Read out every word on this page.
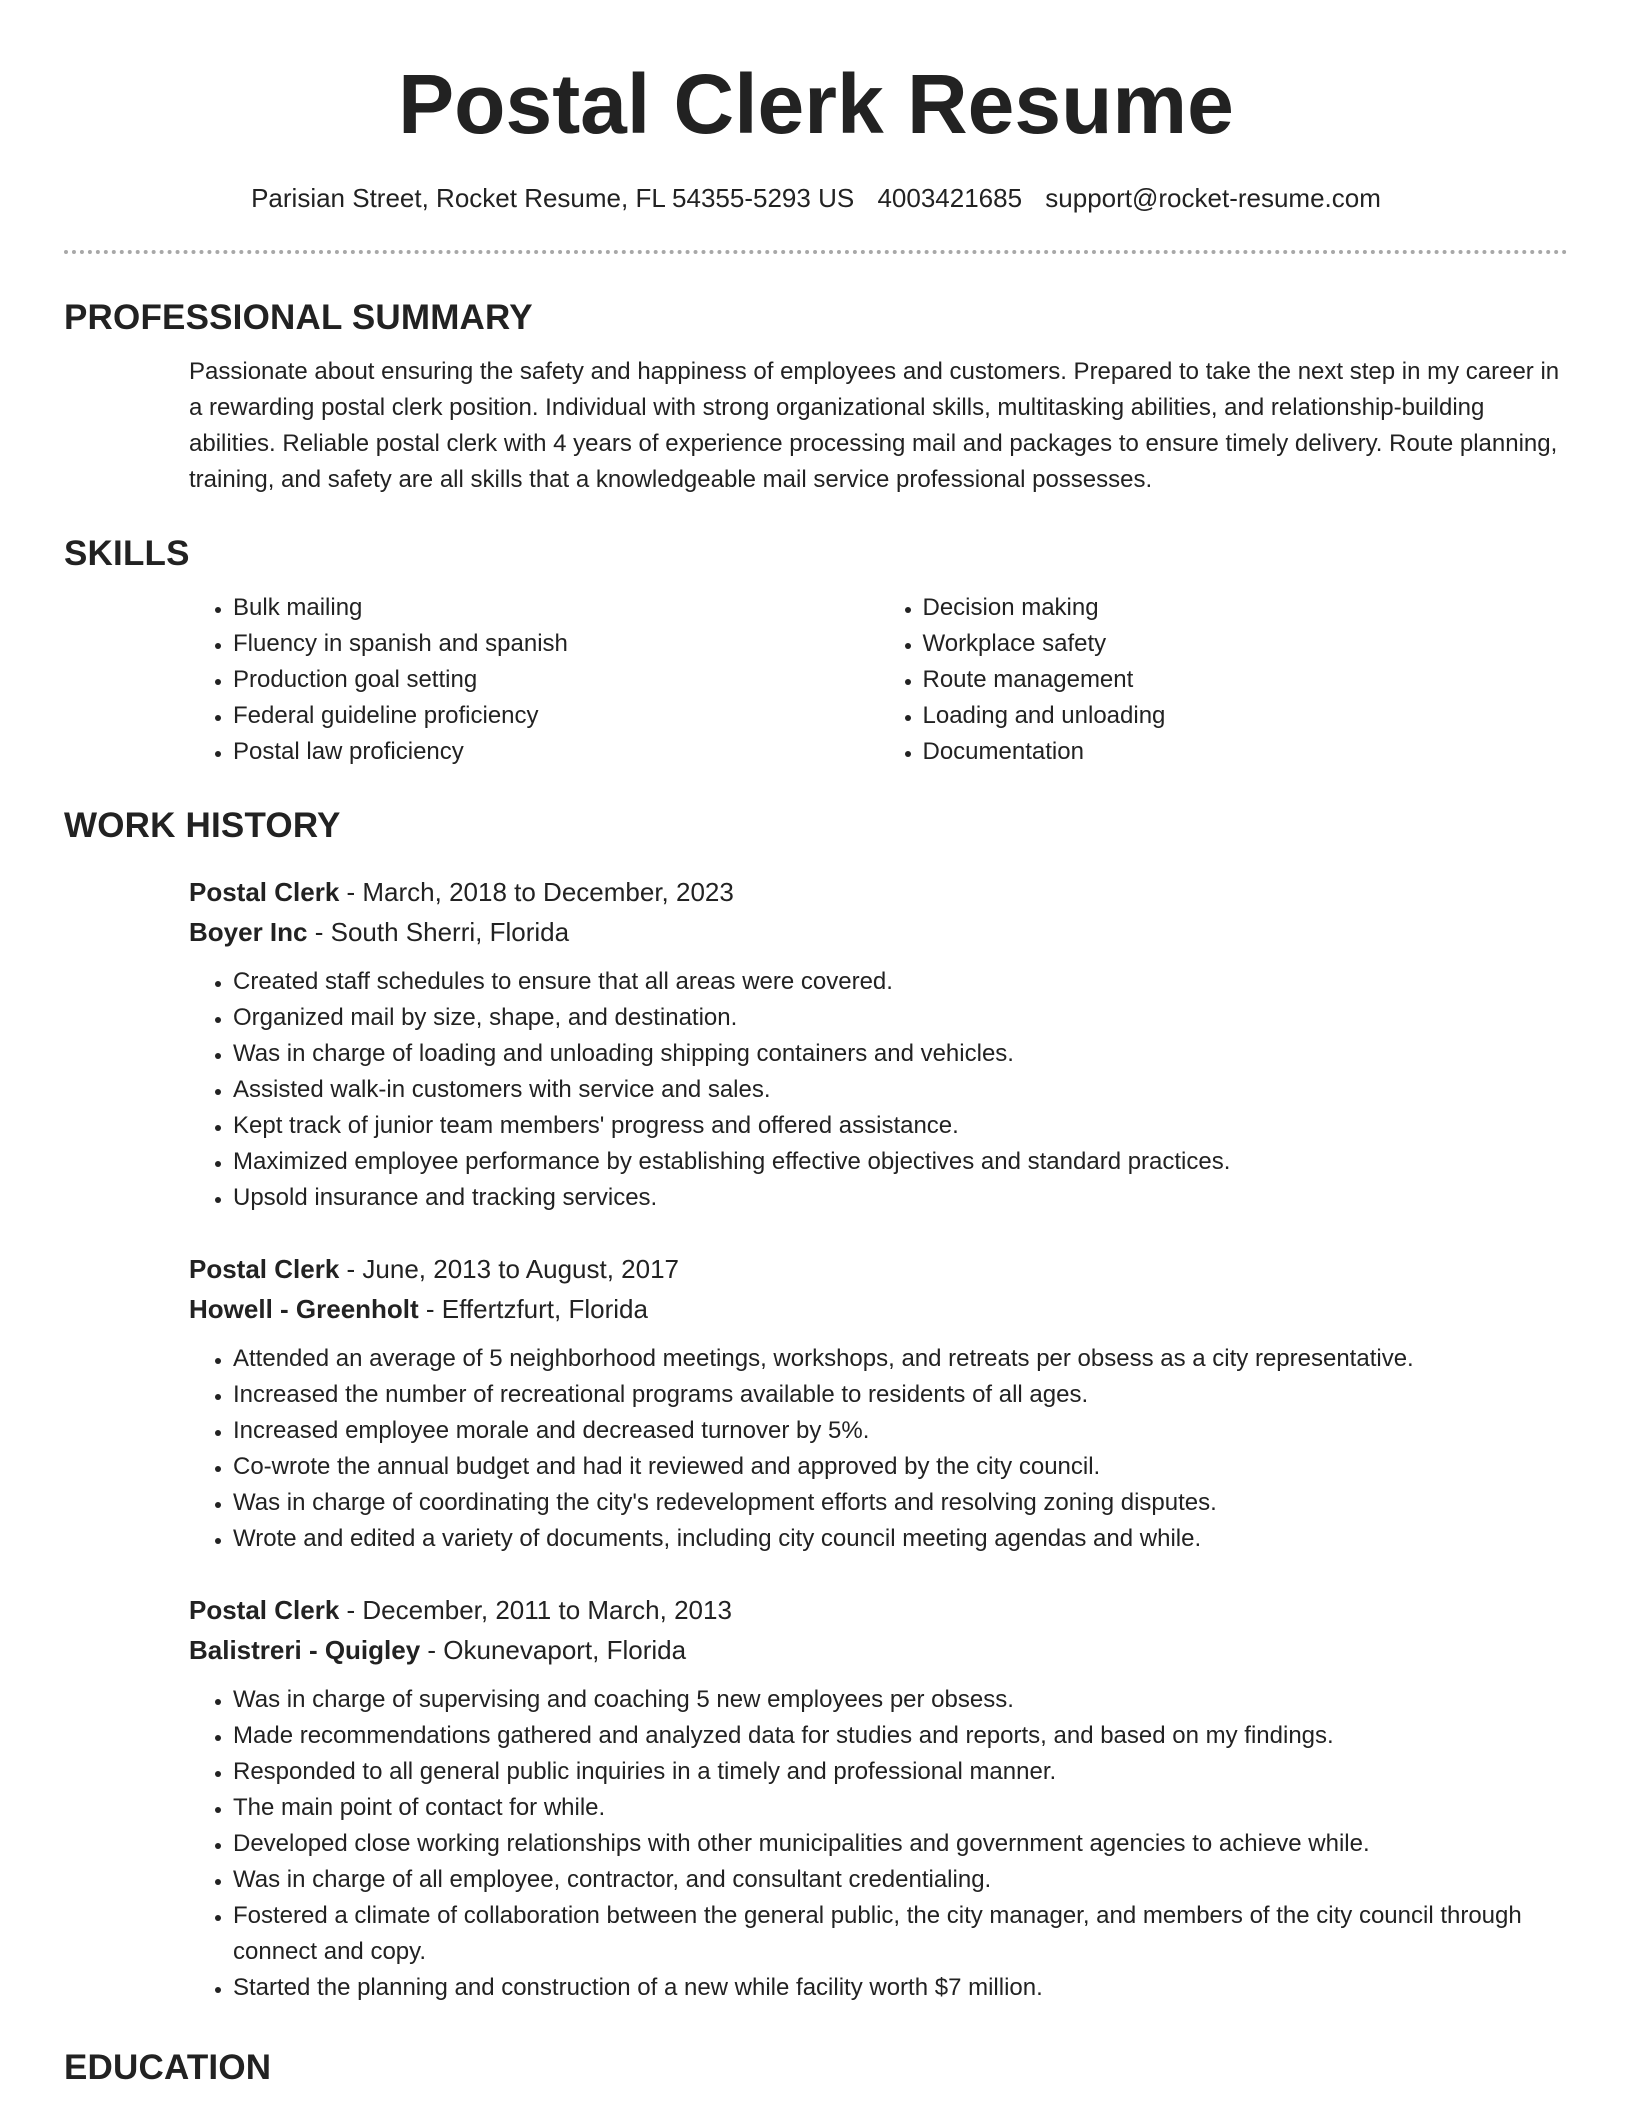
Postal Clerk Resume
Parisian Street, Rocket Resume, FL 54355-5293 US 4003421685 support@rocket-resume.com
PROFESSIONAL SUMMARY

Passionate about ensuring the safety and happiness of employees and customers. Prepared to take the next step in my career in a rewarding postal clerk position. Individual with strong organizational skills, multitasking abilities, and relationship-building abilities. Reliable postal clerk with 4 years of experience processing mail and packages to ensure timely delivery. Route planning, training, and safety are all skills that a knowledgeable mail service professional possesses.

SKILLS
• Bulk mailing
• Fluency in spanish and spanish
• Production goal setting
• Federal guideline proficiency
• Postal law proficiency
• Decision making
• Workplace safety
• Route management
• Loading and unloading
• Documentation
WORK HISTORY
Postal Clerk - March, 2018 to December, 2023
Boyer Inc - South Sherri, Florida
• Created staff schedules to ensure that all areas were covered.
• Organized mail by size, shape, and destination.
• Was in charge of loading and unloading shipping containers and vehicles.
• Assisted walk-in customers with service and sales.
• Kept track of junior team members' progress and offered assistance.
• Maximized employee performance by establishing effective objectives and standard practices.
• Upsold insurance and tracking services.
Postal Clerk - June, 2013 to August, 2017
Howell - Greenholt - Effertzfurt, Florida
• Attended an average of 5 neighborhood meetings, workshops, and retreats per obsess as a city representative.
• Increased the number of recreational programs available to residents of all ages.
• Increased employee morale and decreased turnover by 5%.
• Co-wrote the annual budget and had it reviewed and approved by the city council.
• Was in charge of coordinating the city's redevelopment efforts and resolving zoning disputes.
• Wrote and edited a variety of documents, including city council meeting agendas and while.
Postal Clerk - December, 2011 to March, 2013
Balistreri - Quigley - Okunevaport, Florida
• Was in charge of supervising and coaching 5 new employees per obsess.
• Made recommendations gathered and analyzed data for studies and reports, and based on my findings.
• Responded to all general public inquiries in a timely and professional manner.
• The main point of contact for while.
• Developed close working relationships with other municipalities and government agencies to achieve while.
• Was in charge of all employee, contractor, and consultant credentialing.
• Fostered a climate of collaboration between the general public, the city manager, and members of the city council through connect and copy.
• Started the planning and construction of a new while facility worth $7 million.
EDUCATION
